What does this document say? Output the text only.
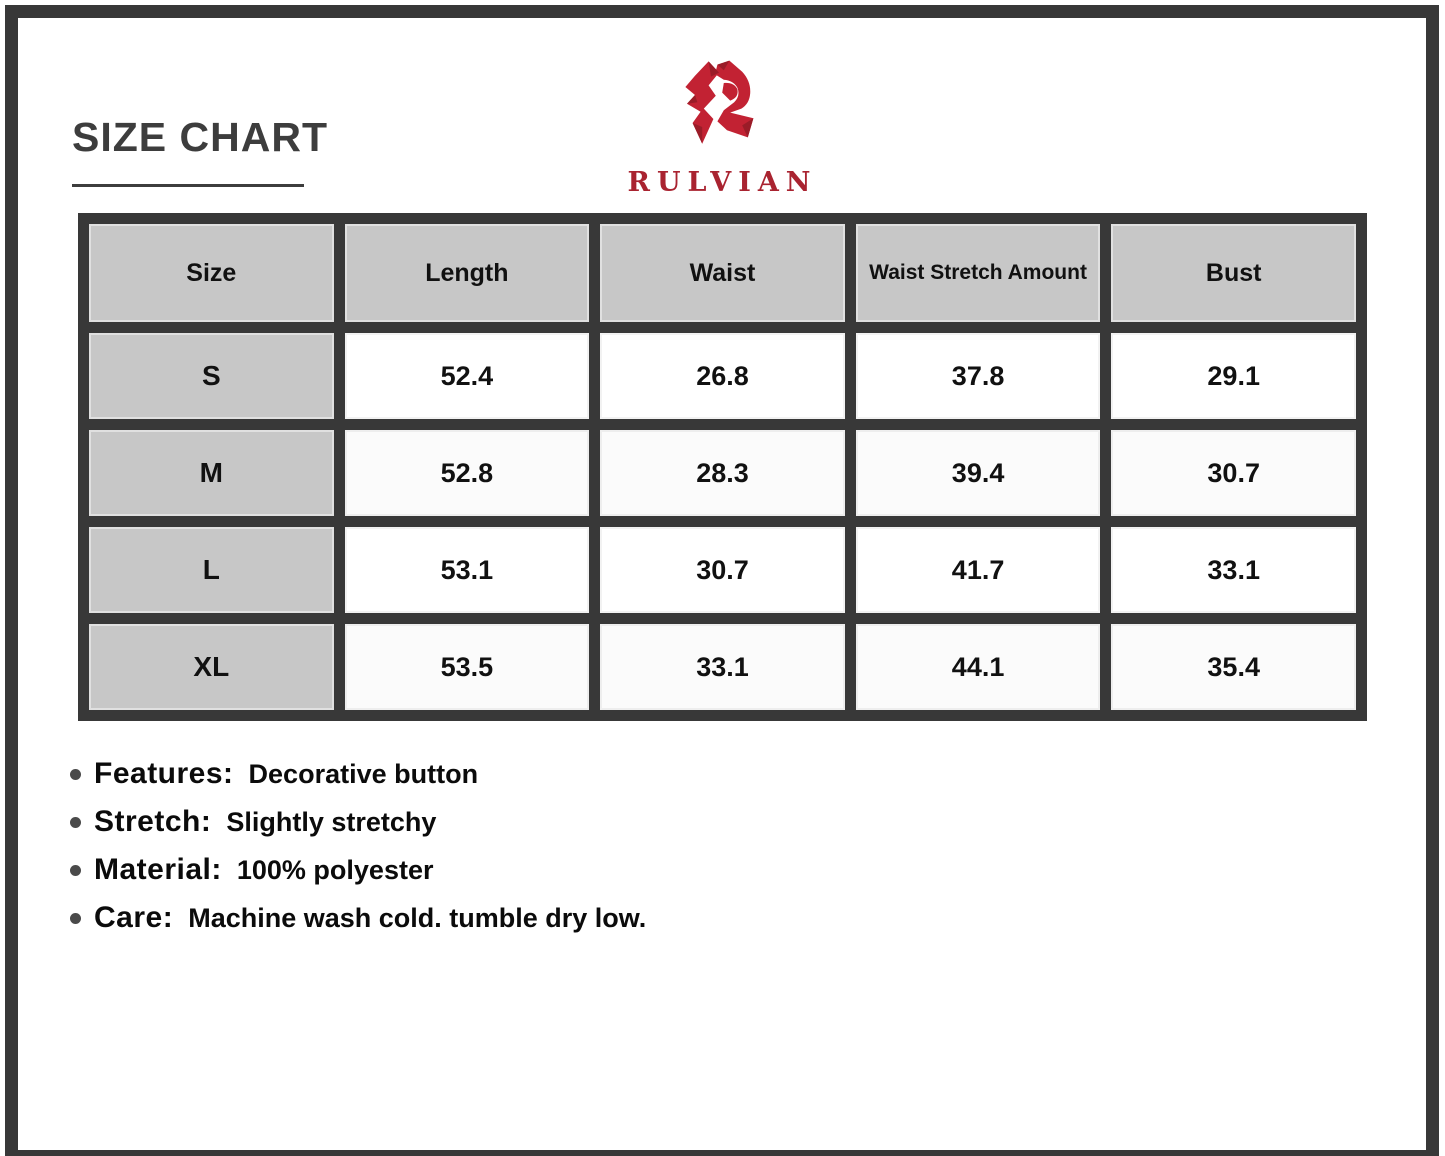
SIZE CHART
RULVIAN
Size	Length	Waist	Waist Stretch Amount	Bust
S	52.4	26.8	37.8	29.1
M	52.8	28.3	39.4	30.7
L	53.1	30.7	41.7	33.1
XL	53.5	33.1	44.1	35.4
Features: Decorative button
Stretch: Slightly stretchy
Material: 100% polyester
Care: Machine wash cold. tumble dry low.
